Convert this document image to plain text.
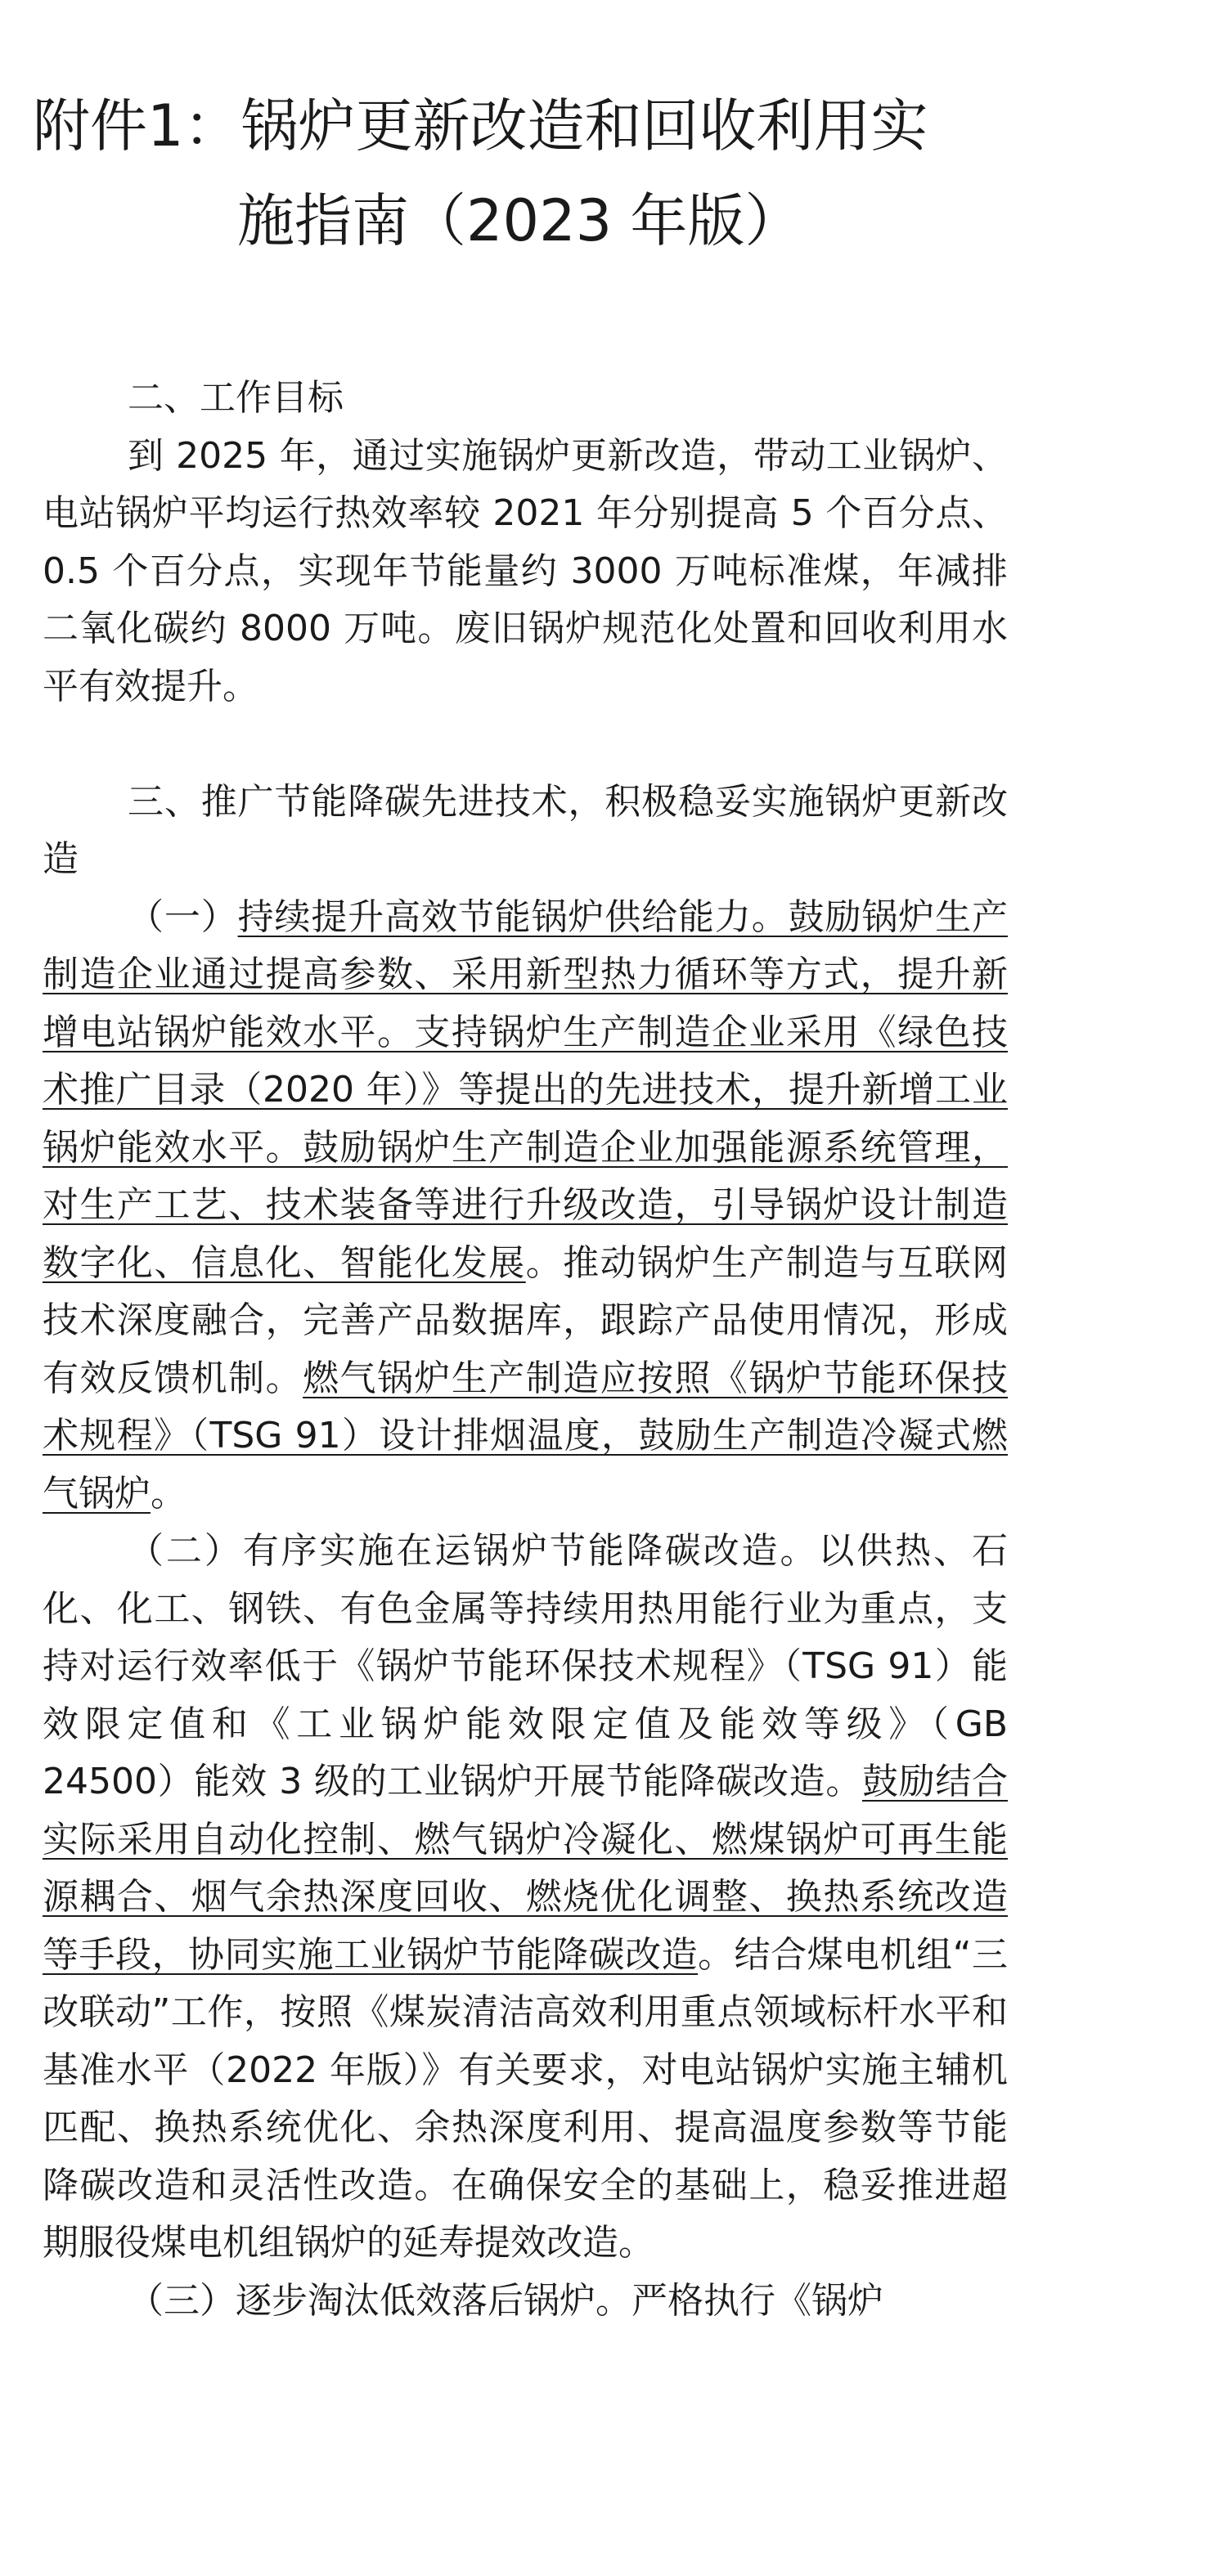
附件1：锅炉更新改造和回收利用实
施指南（2023 年版）
二、工作目标
到 2025 年，通过实施锅炉更新改造，带动工业锅炉、电站锅炉平均运行热效率较 2021 年分别提高 5 个百分点、0.5 个百分点，实现年节能量约 3000 万吨标准煤，年减排二氧化碳约 8000 万吨。废旧锅炉规范化处置和回收利用水平有效提升。
三、推广节能降碳先进技术，积极稳妥实施锅炉更新改造
（一）持续提升高效节能锅炉供给能力。鼓励锅炉生产制造企业通过提高参数、采用新型热力循环等方式，提升新增电站锅炉能效水平。支持锅炉生产制造企业采用《绿色技术推广目录（2020 年）》等提出的先进技术，提升新增工业锅炉能效水平。鼓励锅炉生产制造企业加强能源系统管理，对生产工艺、技术装备等进行升级改造，引导锅炉设计制造数字化、信息化、智能化发展。推动锅炉生产制造与互联网技术深度融合，完善产品数据库，跟踪产品使用情况，形成有效反馈机制。燃气锅炉生产制造应按照《锅炉节能环保技术规程》（TSG 91）设计排烟温度，鼓励生产制造冷凝式燃气锅炉。
（二）有序实施在运锅炉节能降碳改造。以供热、石化、化工、钢铁、有色金属等持续用热用能行业为重点，支持对运行效率低于《锅炉节能环保技术规程》（TSG 91）能效限定值和《工业锅炉能效限定值及能效等级》（GB 24500）能效 3 级的工业锅炉开展节能降碳改造。鼓励结合实际采用自动化控制、燃气锅炉冷凝化、燃煤锅炉可再生能源耦合、烟气余热深度回收、燃烧优化调整、换热系统改造等手段，协同实施工业锅炉节能降碳改造。结合煤电机组“三改联动”工作，按照《煤炭清洁高效利用重点领域标杆水平和基准水平（2022 年版）》有关要求，对电站锅炉实施主辅机匹配、换热系统优化、余热深度利用、提高温度参数等节能降碳改造和灵活性改造。在确保安全的基础上，稳妥推进超期服役煤电机组锅炉的延寿提效改造。
（三）逐步淘汰低效落后锅炉。严格执行《锅炉
